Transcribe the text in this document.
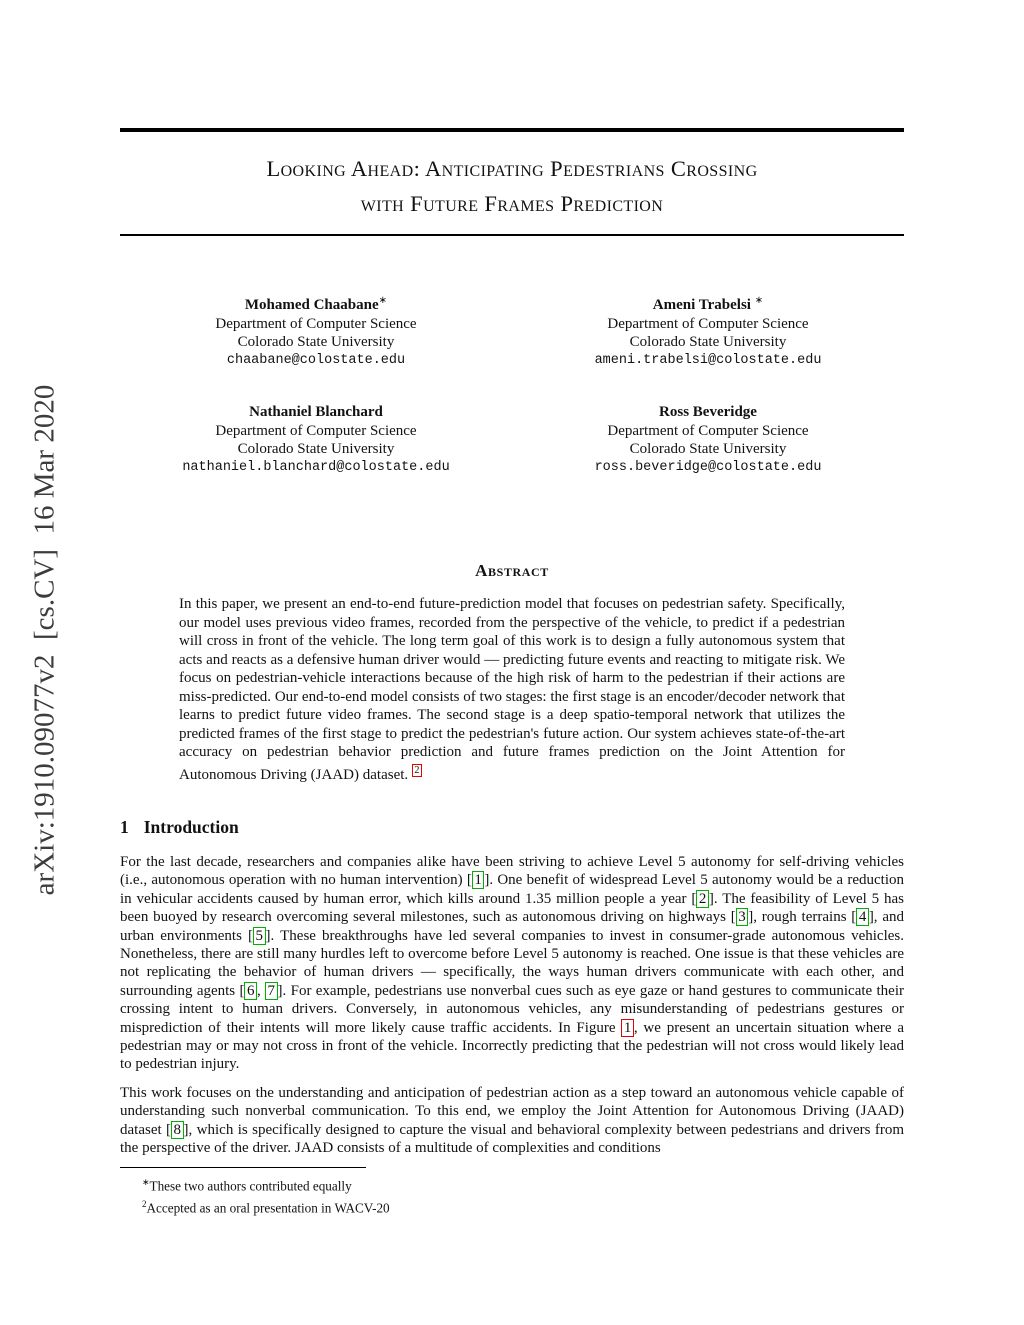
arXiv:1910.09077v2  [cs.CV]  16 Mar 2020
Looking Ahead: Anticipating Pedestrians Crossing
with Future Frames Prediction
Mohamed Chaabane∗
Department of Computer Science
Colorado State University
chaabane@colostate.edu
Ameni Trabelsi ∗
Department of Computer Science
Colorado State University
ameni.trabelsi@colostate.edu
Nathaniel Blanchard
Department of Computer Science
Colorado State University
nathaniel.blanchard@colostate.edu
Ross Beveridge
Department of Computer Science
Colorado State University
ross.beveridge@colostate.edu
Abstract

In this paper, we present an end-to-end future-prediction model that focuses on pedestrian safety. Specifically, our model uses previous video frames, recorded from the perspective of the vehicle, to predict if a pedestrian will cross in front of the vehicle. The long term goal of this work is to design a fully autonomous system that acts and reacts as a defensive human driver would — predicting future events and reacting to mitigate risk. We focus on pedestrian-vehicle interactions because of the high risk of harm to the pedestrian if their actions are miss-predicted. Our end-to-end model consists of two stages: the first stage is an encoder/decoder network that learns to predict future video frames. The second stage is a deep spatio-temporal network that utilizes the predicted frames of the first stage to predict the pedestrian's future action. Our system achieves state-of-the-art accuracy on pedestrian behavior prediction and future frames prediction on the Joint Attention for Autonomous Driving (JAAD) dataset. $^2$

1 Introduction

For the last decade, researchers and companies alike have been striving to achieve Level 5 autonomy for self-driving vehicles (i.e., autonomous operation with no human intervention) [ 1 ]. One benefit of widespread Level 5 autonomy would be a reduction in vehicular accidents caused by human error, which kills around 1.35 million people a year [ 2 ]. The feasibility of Level 5 has been buoyed by research overcoming several milestones, such as autonomous driving on highways [ 3 ], rough terrains [ 4 ], and urban environments [ 5 ]. These breakthroughs have led several companies to invest in consumer-grade autonomous vehicles. Nonetheless, there are still many hurdles left to overcome before Level 5 autonomy is reached. One issue is that these vehicles are not replicating the behavior of human drivers — specifically, the ways human drivers communicate with each other, and surrounding agents [ 6 , 7 ]. For example, pedestrians use nonverbal cues such as eye gaze or hand gestures to communicate their crossing intent to human drivers. Conversely, in autonomous vehicles, any misunderstanding of pedestrians gestures or misprediction of their intents will more likely cause traffic accidents. In Figure 1 , we present an uncertain situation where a pedestrian may or may not cross in front of the vehicle. Incorrectly predicting that the pedestrian will not cross would likely lead to pedestrian injury.

This work focuses on the understanding and anticipation of pedestrian action as a step toward an autonomous vehicle capable of understanding such nonverbal communication. To this end, we employ the Joint Attention for Autonomous Driving (JAAD) dataset [ 8 ], which is specifically designed to capture the visual and behavioral complexity between pedestrians and drivers from the perspective of the driver. JAAD consists of a multitude of complexities and conditions

∗These two authors contributed equally
$^2$Accepted as an oral presentation in WACV-20
